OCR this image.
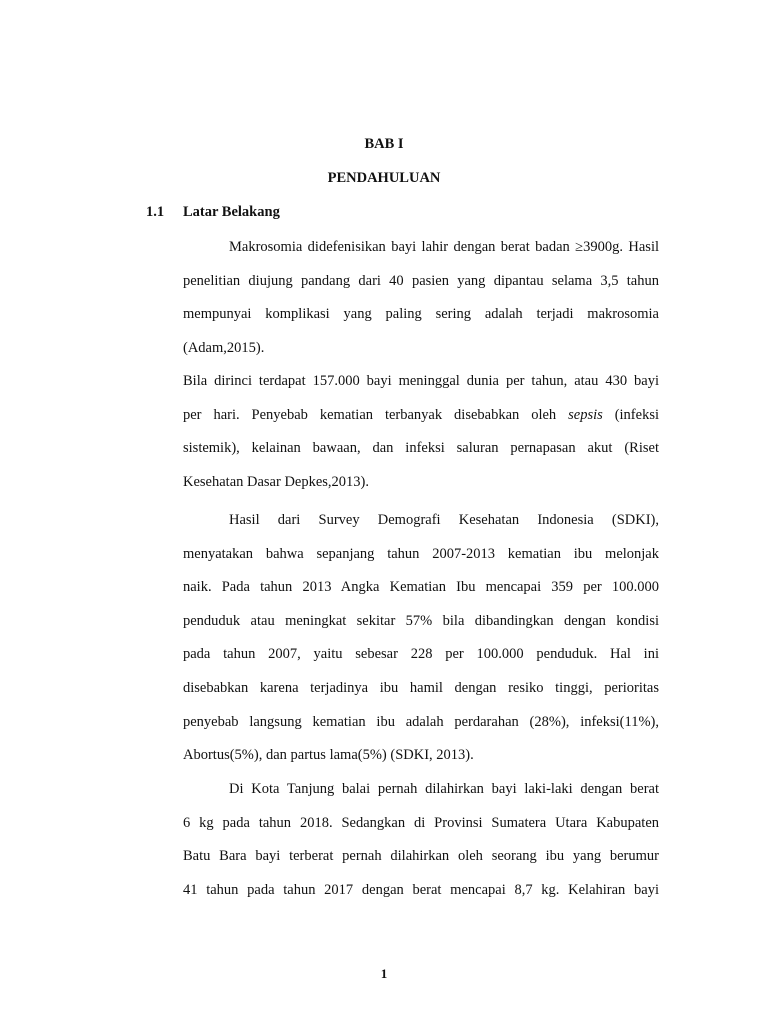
BAB I
PENDAHULUAN
1.1 Latar Belakang
Makrosomia didefenisikan bayi lahir dengan berat badan ≥3900g. Hasil
penelitian diujung pandang dari 40 pasien yang dipantau selama 3,5 tahun
mempunyai komplikasi yang paling sering adalah terjadi makrosomia
(Adam,2015).
Bila dirinci terdapat 157.000 bayi meninggal dunia per tahun, atau 430 bayi
per hari. Penyebab kematian terbanyak disebabkan oleh sepsis (infeksi
sistemik), kelainan bawaan, dan infeksi saluran pernapasan akut (Riset
Kesehatan Dasar Depkes,2013).
Hasil dari Survey Demografi Kesehatan Indonesia (SDKI),
menyatakan bahwa sepanjang tahun 2007-2013 kematian ibu melonjak
naik. Pada tahun 2013 Angka Kematian Ibu mencapai 359 per 100.000
penduduk atau meningkat sekitar 57% bila dibandingkan dengan kondisi
pada tahun 2007, yaitu sebesar 228 per 100.000 penduduk. Hal ini
disebabkan karena terjadinya ibu hamil dengan resiko tinggi, perioritas
penyebab langsung kematian ibu adalah perdarahan (28%), infeksi(11%),
Abortus(5%), dan partus lama(5%) (SDKI, 2013).
Di Kota Tanjung balai pernah dilahirkan bayi laki-laki dengan berat
6 kg pada tahun 2018. Sedangkan di Provinsi Sumatera Utara Kabupaten
Batu Bara bayi terberat pernah dilahirkan oleh seorang ibu yang berumur
41 tahun pada tahun 2017 dengan berat mencapai 8,7 kg. Kelahiran bayi
1
